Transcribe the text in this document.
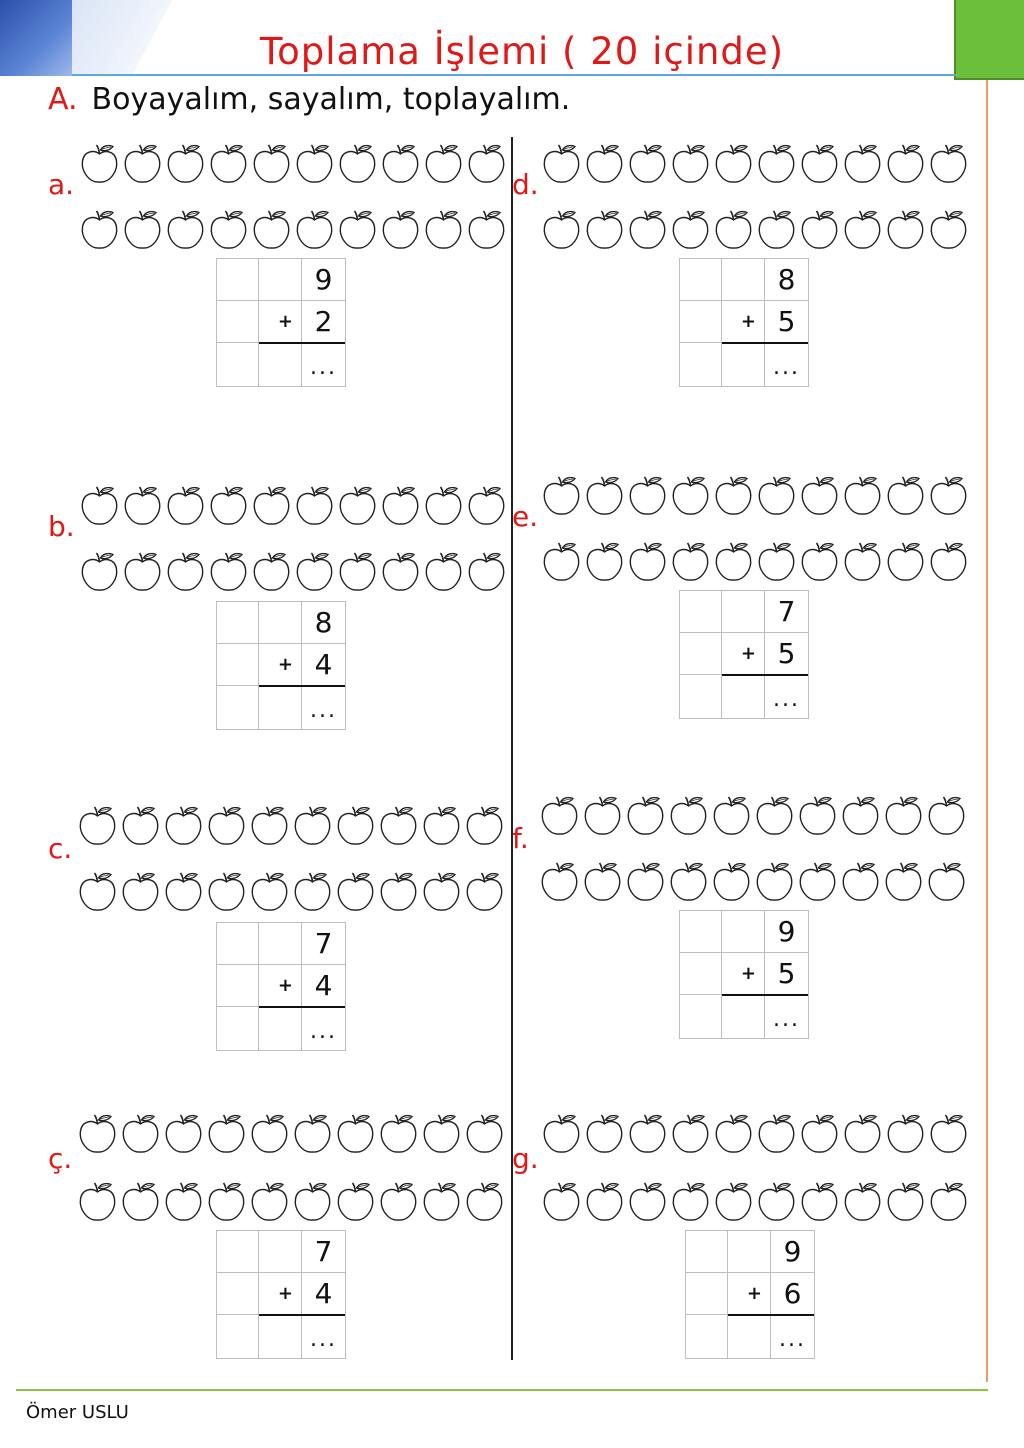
Toplama İşlemi ( 20 içinde)
A. Boyayalım, sayalım, toplayalım.
a.
9
+ 2
...
b.
8
+ 4
...
c.
7
+ 4
...
ç.
7
+ 4
...
d.
8
+ 5
...
e.
7
+ 5
...
f.
9
+ 5
...
g.
9
+ 6
...
Ömer USLU
